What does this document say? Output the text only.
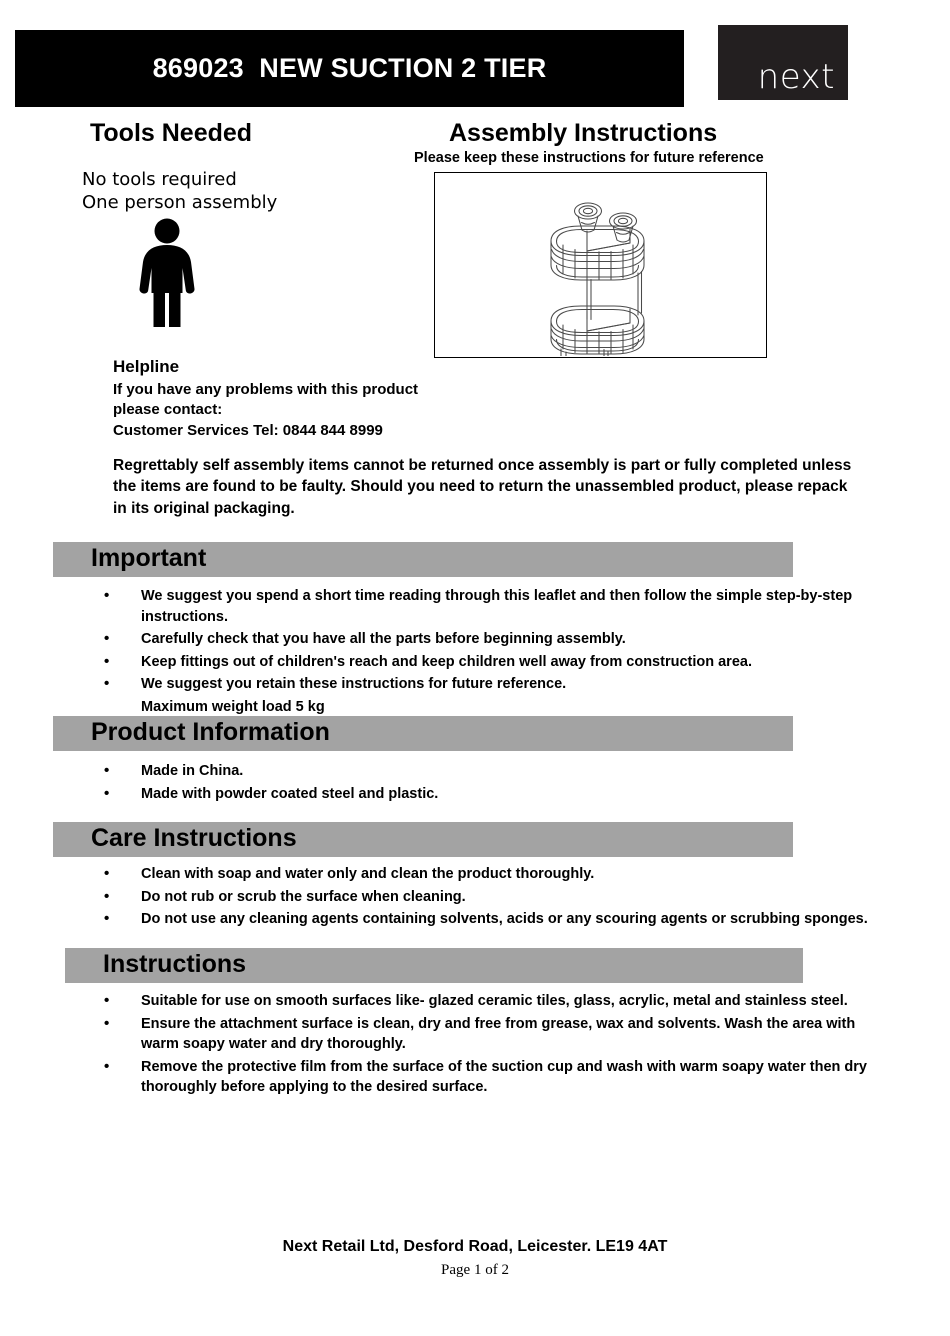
869023  NEW SUCTION 2 TIER	next
Tools Needed	Assembly Instructions
Please keep these instructions for future reference
No tools required
One person assembly
Helpline
If you have any problems with this product
please contact:
Customer Services Tel: 0844 844 8999
Regrettably self assembly items cannot be returned once assembly is part or fully completed unless the items are found to be faulty. Should you need to return the unassembled product, please repack in its original packaging.
Important
• We suggest you spend a short time reading through this leaflet and then follow the simple step-by-step instructions.
• Carefully check that you have all the parts before beginning assembly.
• Keep fittings out of children's reach and keep children well away from construction area.
• We suggest you retain these instructions for future reference.
Maximum weight load 5 kg
Product Information
• Made in China.
• Made with powder coated steel and plastic.
Care Instructions
• Clean with soap and water only and clean the product thoroughly.
• Do not rub or scrub the surface when cleaning.
• Do not use any cleaning agents containing solvents, acids or any scouring agents or scrubbing sponges.
Instructions
• Suitable for use on smooth surfaces like- glazed ceramic tiles, glass, acrylic, metal and stainless steel.
• Ensure the attachment surface is clean, dry and free from grease, wax and solvents. Wash the area with warm soapy water and dry thoroughly.
• Remove the protective film from the surface of the suction cup and wash with warm soapy water then dry thoroughly before applying to the desired surface.
Next Retail Ltd, Desford Road, Leicester. LE19 4AT
Page 1 of 2
